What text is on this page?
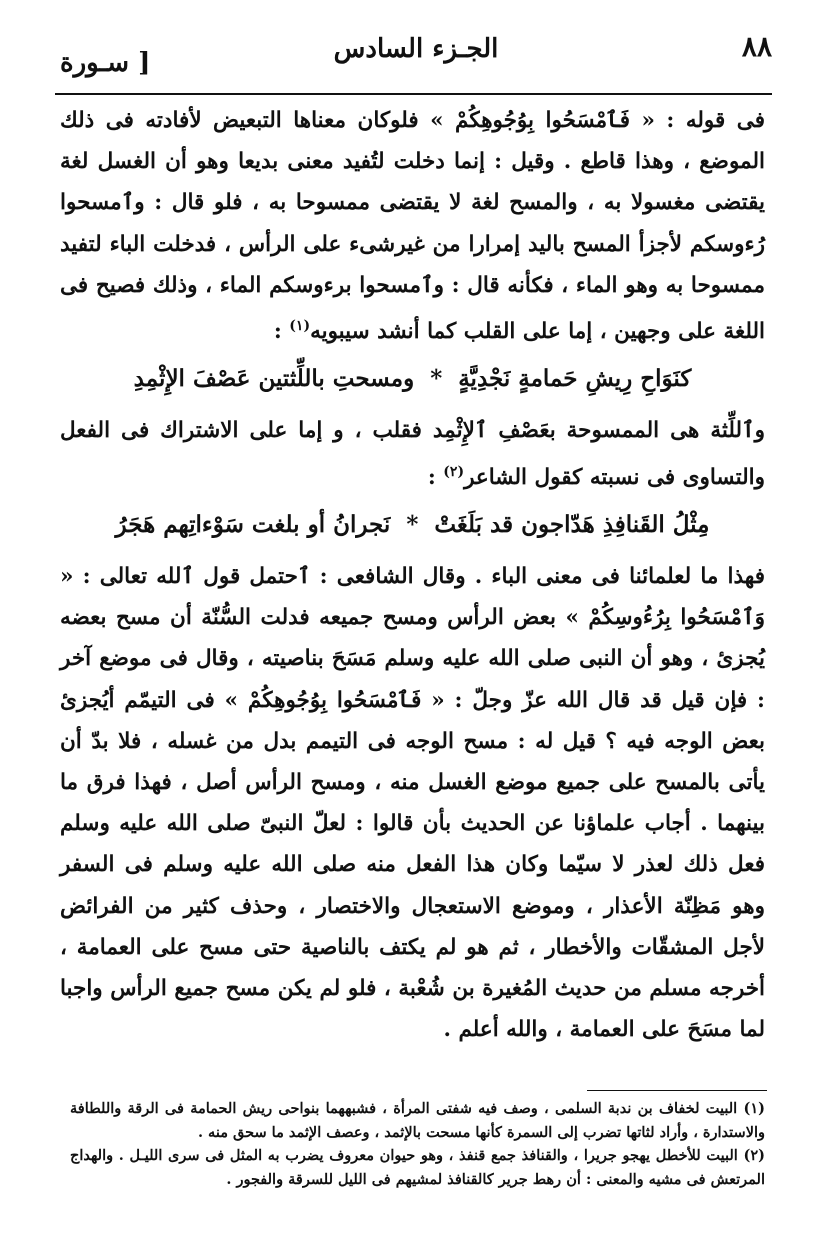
٨٨
الجـزء السادس
[ سـورة

فى قوله : « فَٱمْسَحُوا بِوُجُوهِكُمْ » فلوكان معناها التبعيض لأفادته فى ذلك الموضع ، وهذا قاطع . وقيل : إنما دخلت لتُفيد معنى بديعا وهو أن الغسل لغة يقتضى مغسولا به ، والمسح لغة لا يقتضى ممسوحا به ، فلو قال : وٱمسحوا رُءوسكم لأجزأ المسح باليد إمرارا من غيرشىء على الرأس ، فدخلت الباء لتفيد ممسوحا به وهو الماء ، فكأنه قال : وٱمسحوا برءوسكم الماء ، وذلك فصيح فى اللغة على وجهين ، إما على القلب كما أنشد سيبويه$^{(١)}$ :

كنَوَاحِ رِيشِ حَمامةٍ نَجْدِيَّةٍ*ومسحتِ باللِّثتين عَصْفَ الإِثْمِدِ

وٱللِّثة هى الممسوحة بعَصْفِ ٱلإِثْمِد فقلب ، و إما على الاشتراك فى الفعل والتساوى فى نسبته كقول الشاعر$^{(٢)}$ :

مِثْلُ القَنافِذِ هَدّاجون قد بَلَغَتْ*نَجرانُ أو بلغت سَوْءاتِهم هَجَرُ

فهذا ما لعلمائنا فى معنى الباء . وقال الشافعى : ٱحتمل قول ٱلله تعالى : « وَٱمْسَحُوا بِرُءُوسِكُمْ » بعض الرأس ومسح جميعه فدلت السُّنّة أن مسح بعضه يُجزئ ، وهو أن النبى صلى الله عليه وسلم مَسَحَ بناصيته ، وقال فى موضع آخر : فإن قيل قد قال الله عزّ وجلّ : « فَٱمْسَحُوا بِوُجُوهِكُمْ » فى التيمّم أيُجزئ بعض الوجه فيه ؟ قيل له : مسح الوجه فى التيمم بدل من غسله ، فلا بدّ أن يأتى بالمسح على جميع موضع الغسل منه ، ومسح الرأس أصل ، فهذا فرق ما بينهما . أجاب علماؤنا عن الحديث بأن قالوا : لعلّ النبىّ صلى الله عليه وسلم فعل ذلك لعذر لا سيّما وكان هذا الفعل منه صلى الله عليه وسلم فى السفر وهو مَظِنّة الأعذار ، وموضع الاستعجال والاختصار ، وحذف كثير من الفرائض لأجل المشقّات والأخطار ، ثم هو لم يكتف بالناصية حتى مسح على العمامة ، أخرجه مسلم من حديث المُغيرة بن شُعْبة ، فلو لم يكن مسح جميع الرأس واجبا لما مسَحَ على العمامة ، والله أعلم .

(١) البيت لخفاف بن ندبة السلمى ، وصف فيه شفتى المرأة ، فشبههما بنواحى ريش الحمامة فى الرقة واللطافة والاستدارة ، وأراد لثاتها تضرب إلى السمرة كأنها مسحت بالإثمد ، وعصف الإثمد ما سحق منه .

(٢) البيت للأخطل يهجو جريرا ، والقنافذ جمع قنفذ ، وهو حيوان معروف يضرب به المثل فى سرى الليـل . والهداج المرتعش فى مشيه والمعنى : أن رهط جرير كالقنافذ لمشيهم فى الليل للسرقة والفجور .
